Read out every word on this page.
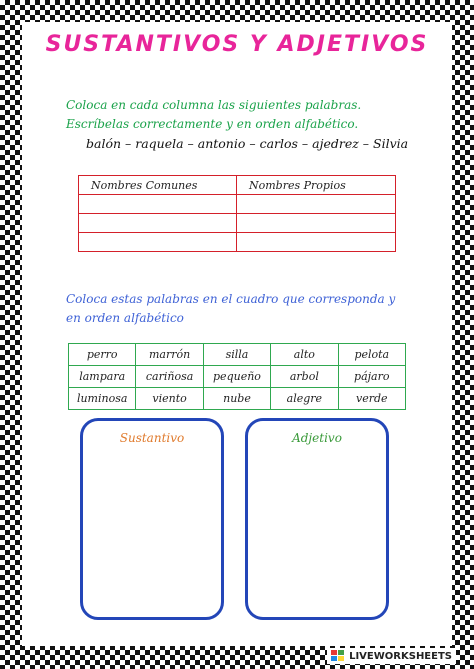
SUSTANTIVOS Y ADJETIVOS
Coloca en cada columna las siguientes palabras. Escríbelas correctamente y en orden alfabético.
balón – raquela – antonio – carlos – ajedrez – Silvia
Nombres Comunes	Nombres Propios

Coloca estas palabras en el cuadro que corresponda y en orden alfabético
perro	marrón	silla	alto	pelota
lampara	cariñosa	pequeño	arbol	pájaro
luminosa	viento	nube	alegre	verde
Sustantivo	Adjetivo
LIVEWORKSHEETS
